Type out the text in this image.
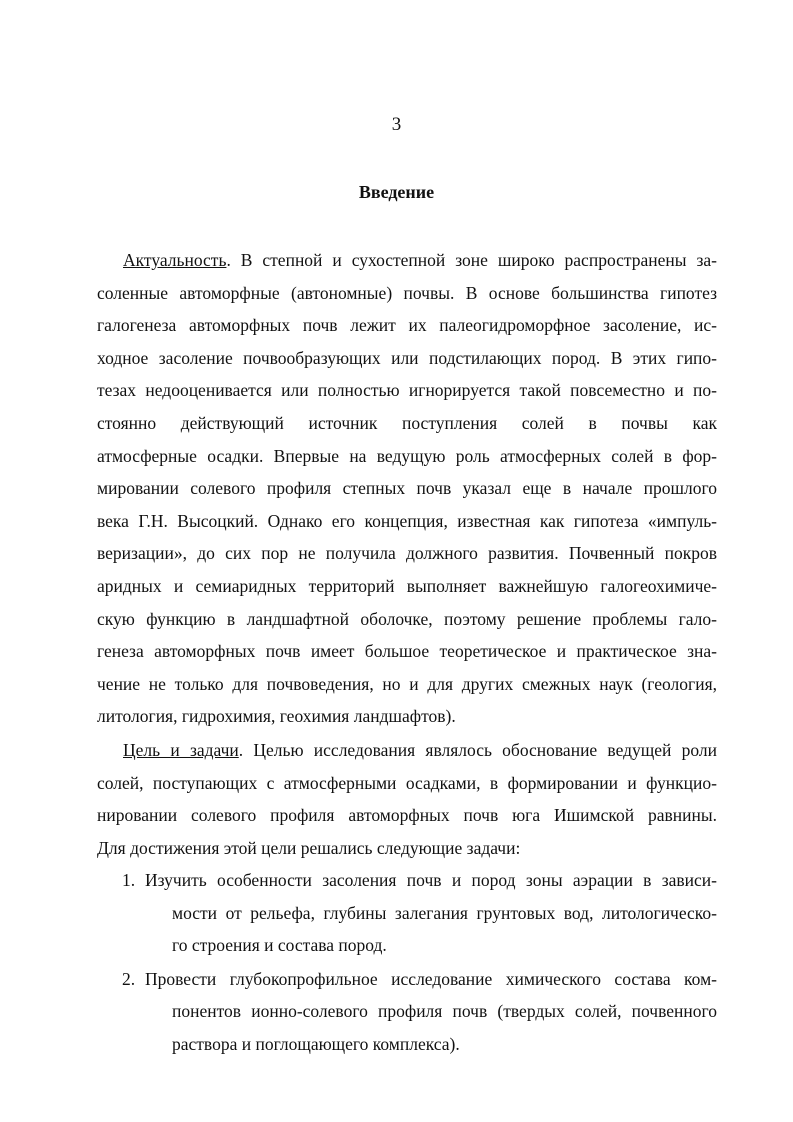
3
Введение
Актуальность. В степной и сухостепной зоне широко распространены за-
соленные автоморфные (автономные) почвы. В основе большинства гипотез
галогенеза автоморфных почв лежит их палеогидроморфное засоление, ис-
ходное засоление почвообразующих или подстилающих пород. В этих гипо-
тезах недооценивается или полностью игнорируется такой повсеместно и по-
стоянно действующий источник поступления солей в почвы как
атмосферные осадки. Впервые на ведущую роль атмосферных солей в фор-
мировании солевого профиля степных почв указал еще в начале прошлого
века Г.Н. Высоцкий. Однако его концепция, известная как гипотеза «импуль-
веризации», до сих пор не получила должного развития. Почвенный покров
аридных и семиаридных территорий выполняет важнейшую галогеохимиче-
скую функцию в ландшафтной оболочке, поэтому решение проблемы гало-
генеза автоморфных почв имеет большое теоретическое и практическое зна-
чение не только для почвоведения, но и для других смежных наук (геология,
литология, гидрохимия, геохимия ландшафтов).
Цель и задачи. Целью исследования являлось обоснование ведущей роли
солей, поступающих с атмосферными осадками, в формировании и функцио-
нировании солевого профиля автоморфных почв юга Ишимской равнины.
Для достижения этой цели решались следующие задачи:
1. Изучить особенности засоления почв и пород зоны аэрации в зависи-
мости от рельефа, глубины залегания грунтовых вод, литологическо-
го строения и состава пород.
2. Провести глубокопрофильное исследование химического состава ком-
понентов ионно-солевого профиля почв (твердых солей, почвенного
раствора и поглощающего комплекса).
